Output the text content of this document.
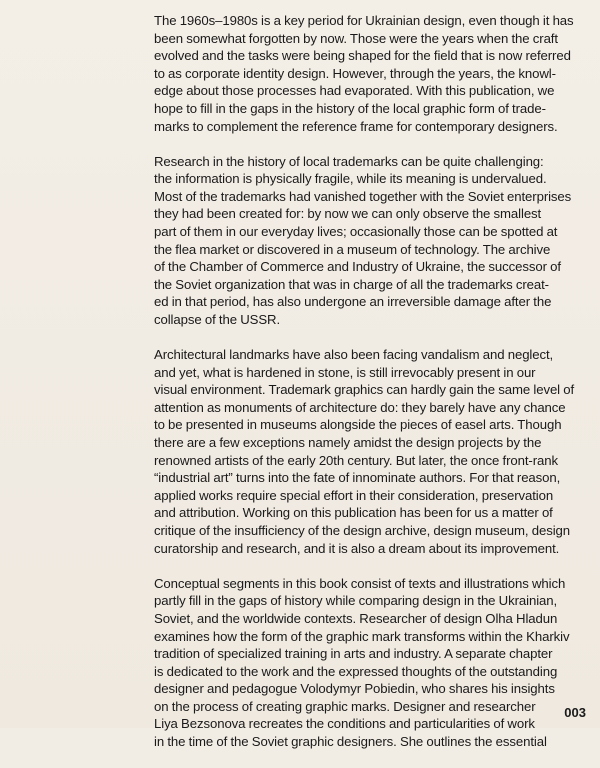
The 1960s–1980s is a key period for Ukrainian design, even though it has
been somewhat forgotten by now. Those were the years when the craft
evolved and the tasks were being shaped for the field that is now referred
to as corporate identity design. However, through the years, the knowl-
edge about those processes had evaporated. With this publication, we
hope to fill in the gaps in the history of the local graphic form of trade-
marks to complement the reference frame for contemporary designers.

Research in the history of local trademarks can be quite challenging:
the information is physically fragile, while its meaning is undervalued.
Most of the trademarks had vanished together with the Soviet enterprises
they had been created for: by now we can only observe the smallest
part of them in our everyday lives; occasionally those can be spotted at
the flea market or discovered in a museum of technology. The archive
of the Chamber of Commerce and Industry of Ukraine, the successor of
the Soviet organization that was in charge of all the trademarks creat-
ed in that period, has also undergone an irreversible damage after the
collapse of the USSR.

Architectural landmarks have also been facing vandalism and neglect,
and yet, what is hardened in stone, is still irrevocably present in our
visual environment. Trademark graphics can hardly gain the same level of
attention as monuments of architecture do: they barely have any chance
to be presented in museums alongside the pieces of easel arts. Though
there are a few exceptions namely amidst the design projects by the
renowned artists of the early 20th century. But later, the once front-rank
“industrial art” turns into the fate of innominate authors. For that reason,
applied works require special effort in their consideration, preservation
and attribution. Working on this publication has been for us a matter of
critique of the insufficiency of the design archive, design museum, design
curatorship and research, and it is also a dream about its improvement.

Conceptual segments in this book consist of texts and illustrations which
partly fill in the gaps of history while comparing design in the Ukrainian,
Soviet, and the worldwide contexts. Researcher of design Olha Hladun
examines how the form of the graphic mark transforms within the Kharkiv
tradition of specialized training in arts and industry. A separate chapter
is dedicated to the work and the expressed thoughts of the outstanding
designer and pedagogue Volodymyr Pobiedin, who shares his insights
on the process of creating graphic marks. Designer and researcher
Liya Bezsonova recreates the conditions and particularities of work
in the time of the Soviet graphic designers. She outlines the essential

003
